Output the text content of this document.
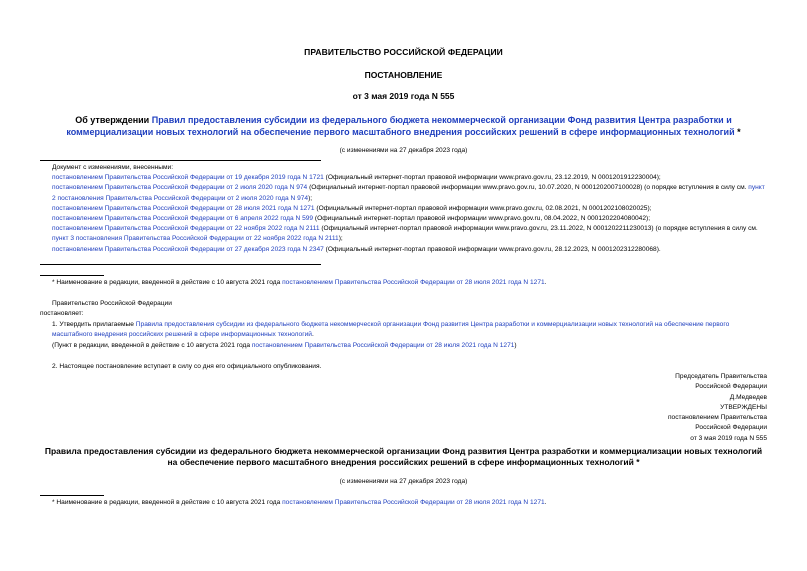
ПРАВИТЕЛЬСТВО РОССИЙСКОЙ ФЕДЕРАЦИИ
ПОСТАНОВЛЕНИЕ
от 3 мая 2019 года N 555
Об утверждении Правил предоставления субсидии из федерального бюджета некоммерческой организации Фонд развития Центра разработки и коммерциализации новых технологий на обеспечение первого масштабного внедрения российских решений в сфере информационных технологий *
(с изменениями на 27 декабря 2023 года)
Документ с изменениями, внесенными:
постановлением Правительства Российской Федерации от 19 декабря 2019 года N 1721 (Официальный интернет-портал правовой информации www.pravo.gov.ru, 23.12.2019, N 0001201912230004);
постановлением Правительства Российской Федерации от 2 июля 2020 года N 974 (Официальный интернет-портал правовой информации www.pravo.gov.ru, 10.07.2020, N 0001202007100028) (о порядке вступления в силу см. пункт 2 постановления Правительства Российской Федерации от 2 июля 2020 года N 974);
постановлением Правительства Российской Федерации от 28 июля 2021 года N 1271 (Официальный интернет-портал правовой информации www.pravo.gov.ru, 02.08.2021, N 0001202108020025);
постановлением Правительства Российской Федерации от 6 апреля 2022 года N 599 (Официальный интернет-портал правовой информации www.pravo.gov.ru, 08.04.2022, N 0001202204080042);
постановлением Правительства Российской Федерации от 22 ноября 2022 года N 2111 (Официальный интернет-портал правовой информации www.pravo.gov.ru, 23.11.2022, N 0001202211230013) (о порядке вступления в силу см. пункт 3 постановления Правительства Российской Федерации от 22 ноября 2022 года N 2111);
постановлением Правительства Российской Федерации от 27 декабря 2023 года N 2347 (Официальный интернет-портал правовой информации www.pravo.gov.ru, 28.12.2023, N 0001202312280068).
* Наименование в редакции, введенной в действие с 10 августа 2021 года постановлением Правительства Российской Федерации от 28 июля 2021 года N 1271.
Правительство Российской Федерации
постановляет:
1. Утвердить прилагаемые Правила предоставления субсидии из федерального бюджета некоммерческой организации Фонд развития Центра разработки и коммерциализации новых технологий на обеспечение первого масштабного внедрения российских решений в сфере информационных технологий.
(Пункт в редакции, введенной в действие с 10 августа 2021 года постановлением Правительства Российской Федерации от 28 июля 2021 года N 1271)
2. Настоящее постановление вступает в силу со дня его официального опубликования.
Председатель Правительства
Российской Федерации
Д.Медведев
УТВЕРЖДЕНЫ
постановлением Правительства
Российской Федерации
от 3 мая 2019 года N 555
Правила предоставления субсидии из федерального бюджета некоммерческой организации Фонд развития Центра разработки и коммерциализации новых технологий на обеспечение первого масштабного внедрения российских решений в сфере информационных технологий *
(с изменениями на 27 декабря 2023 года)
* Наименование в редакции, введенной в действие с 10 августа 2021 года постановлением Правительства Российской Федерации от 28 июля 2021 года N 1271.
